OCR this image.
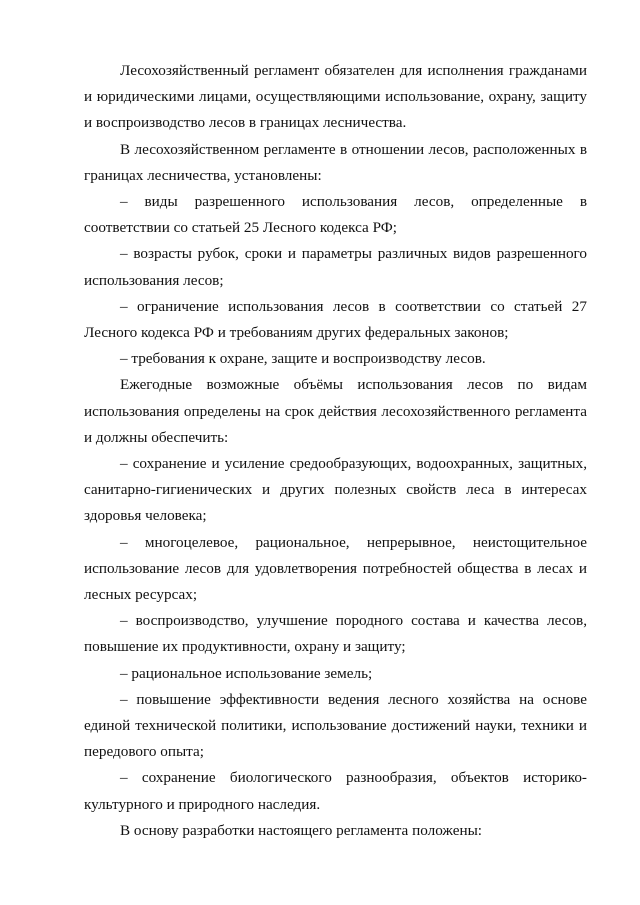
Лесохозяйственный регламент обязателен для исполнения гражданами и юридическими лицами, осуществляющими использование, охрану, защиту и воспроизводство лесов в границах лесничества.

В лесохозяйственном регламенте в отношении лесов, расположенных в границах лесничества, установлены:

– виды разрешенного использования лесов, определенные в соответствии со статьей 25 Лесного кодекса РФ;

– возрасты рубок, сроки и параметры различных видов разрешенного использования лесов;

– ограничение использования лесов в соответствии со статьей 27 Лесного кодекса РФ и требованиям других федеральных законов;

– требования к охране, защите и воспроизводству лесов.

Ежегодные возможные объёмы использования лесов по видам использования определены на срок действия лесохозяйственного регламента и должны обеспечить:

– сохранение и усиление средообразующих, водоохранных, защитных, санитарно-гигиенических и других полезных свойств леса в интересах здоровья человека;

– многоцелевое, рациональное, непрерывное, неистощительное использование лесов для удовлетворения потребностей общества в лесах и лесных ресурсах;

– воспроизводство, улучшение породного состава и качества лесов, повышение их продуктивности, охрану и защиту;

– рациональное использование земель;

– повышение эффективности ведения лесного хозяйства на основе единой технической политики, использование достижений науки, техники и передового опыта;

– сохранение биологического разнообразия, объектов историко-культурного и природного наследия.

В основу разработки настоящего регламента положены:
